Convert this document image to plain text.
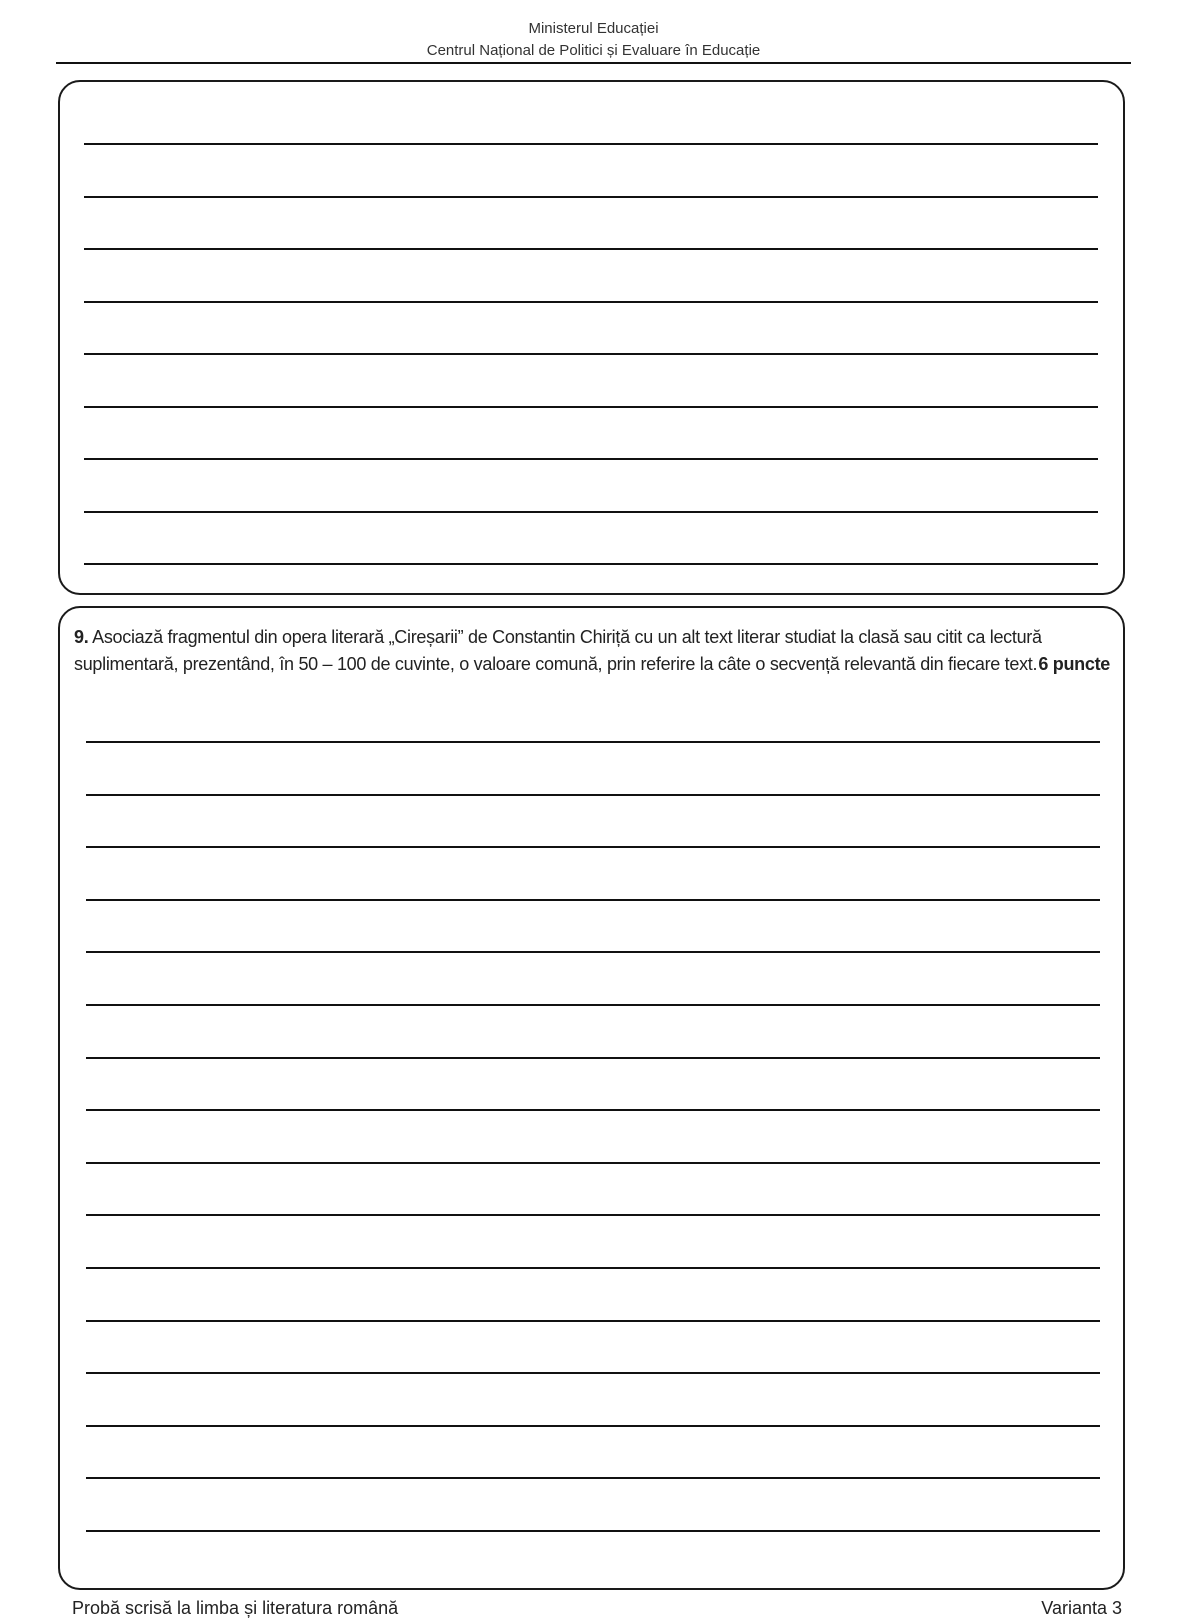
Ministerul Educației
Centrul Național de Politici și Evaluare în Educație
9. Asociază fragmentul din opera literară „Cireșarii” de Constantin Chiriță cu un alt text literar studiat la clasă sau citit ca lectură suplimentară, prezentând, în 50 – 100 de cuvinte, o valoare comună, prin referire la câte o secvență relevantă din fiecare text. 6 puncte
Probă scrisă la limba și literatura română	Varianta 3
